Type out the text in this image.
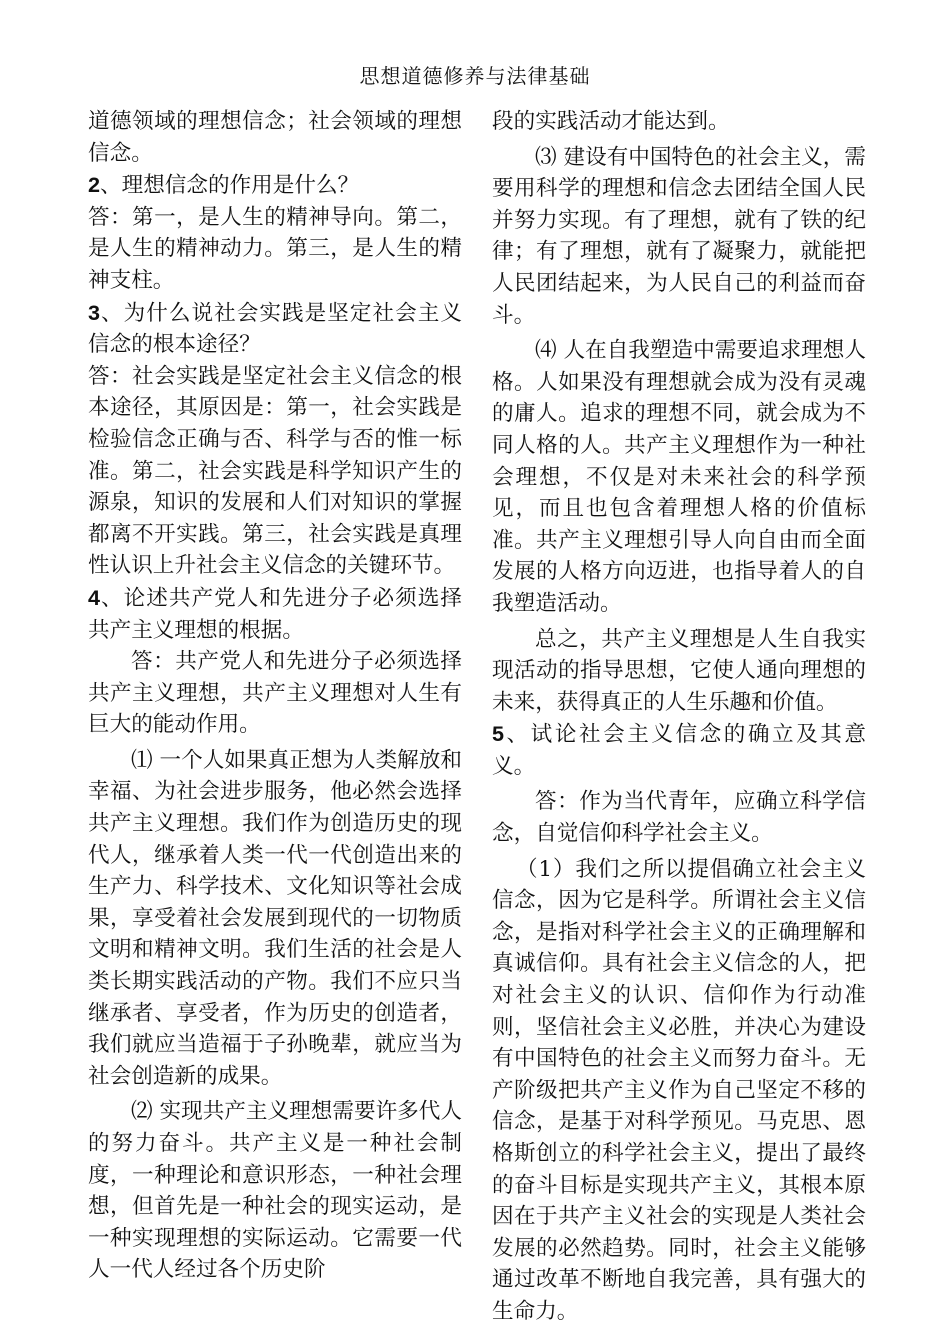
思想道德修养与法律基础

道德领域的理想信念；社会领域的理想信念。

2、理想信念的作用是什么？

答：第一，是人生的精神导向。第二，是人生的精神动力。第三，是人生的精神支柱。

3、为什么说社会实践是坚定社会主义信念的根本途径？

答：社会实践是坚定社会主义信念的根本途径，其原因是：第一，社会实践是检验信念正确与否、科学与否的惟一标准。第二，社会实践是科学知识产生的源泉，知识的发展和人们对知识的掌握都离不开实践。第三，社会实践是真理性认识上升社会主义信念的关键环节。

4、论述共产党人和先进分子必须选择共产主义理想的根据。

答：共产党人和先进分子必须选择共产主义理想，共产主义理想对人生有巨大的能动作用。

⑴ 一个人如果真正想为人类解放和幸福、为社会进步服务，他必然会选择共产主义理想。我们作为创造历史的现代人，继承着人类一代一代创造出来的生产力、科学技术、文化知识等社会成果，享受着社会发展到现代的一切物质文明和精神文明。我们生活的社会是人类长期实践活动的产物。我们不应只当继承者、享受者，作为历史的创造者，我们就应当造福于子孙晚辈，就应当为社会创造新的成果。

⑵ 实现共产主义理想需要许多代人的努力奋斗。共产主义是一种社会制度，一种理论和意识形态，一种社会理想，但首先是一种社会的现实运动，是一种实现理想的实际运动。它需要一代人一代人经过各个历史阶

段的实践活动才能达到。

⑶ 建设有中国特色的社会主义，需要用科学的理想和信念去团结全国人民并努力实现。有了理想，就有了铁的纪律；有了理想，就有了凝聚力，就能把人民团结起来，为人民自己的利益而奋斗。

⑷ 人在自我塑造中需要追求理想人格。人如果没有理想就会成为没有灵魂的庸人。追求的理想不同，就会成为不同人格的人。共产主义理想作为一种社会理想，不仅是对未来社会的科学预见，而且也包含着理想人格的价值标准。共产主义理想引导人向自由而全面发展的人格方向迈进，也指导着人的自我塑造活动。

总之，共产主义理想是人生自我实现活动的指导思想，它使人通向理想的未来，获得真正的人生乐趣和价值。

5、试论社会主义信念的确立及其意义。

答：作为当代青年，应确立科学信念，自觉信仰科学社会主义。

（1）我们之所以提倡确立社会主义信念，因为它是科学。所谓社会主义信念，是指对科学社会主义的正确理解和真诚信仰。具有社会主义信念的人，把对社会主义的认识、信仰作为行动准则，坚信社会主义必胜，并决心为建设有中国特色的社会主义而努力奋斗。无产阶级把共产主义作为自己坚定不移的信念，是基于对科学预见。马克思、恩格斯创立的科学社会主义，提出了最终的奋斗目标是实现共产主义，其根本原因在于共产主义社会的实现是人类社会发展的必然趋势。同时，社会主义能够通过改革不断地自我完善，具有强大的生命力。
